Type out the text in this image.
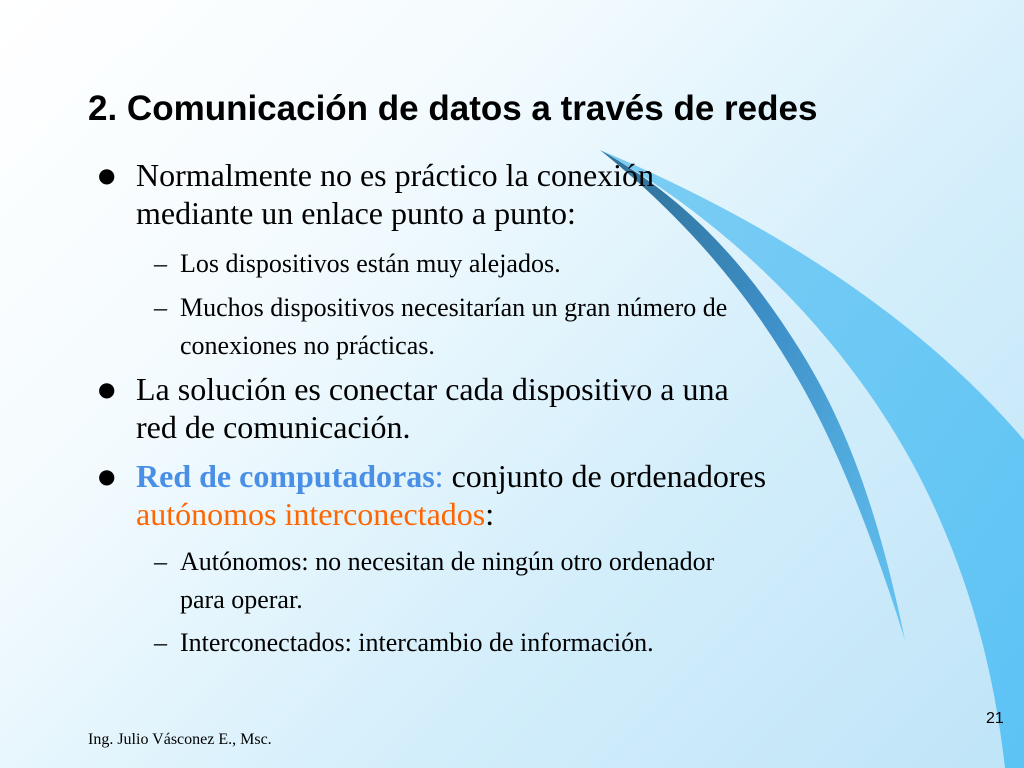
2. Comunicación de datos a través de redes

● Normalmente no es práctico la conexión
mediante un enlace punto a punto:

– Los dispositivos están muy alejados.

– Muchos dispositivos necesitarían un gran número de
conexiones no prácticas.

● La solución es conectar cada dispositivo a una
red de comunicación.

● Red de computadoras: conjunto de ordenadores
autónomos interconectados:

– Autónomos: no necesitan de ningún otro ordenador
para operar.

– Interconectados: intercambio de información.

Ing. Julio Vásconez E., Msc.
21
